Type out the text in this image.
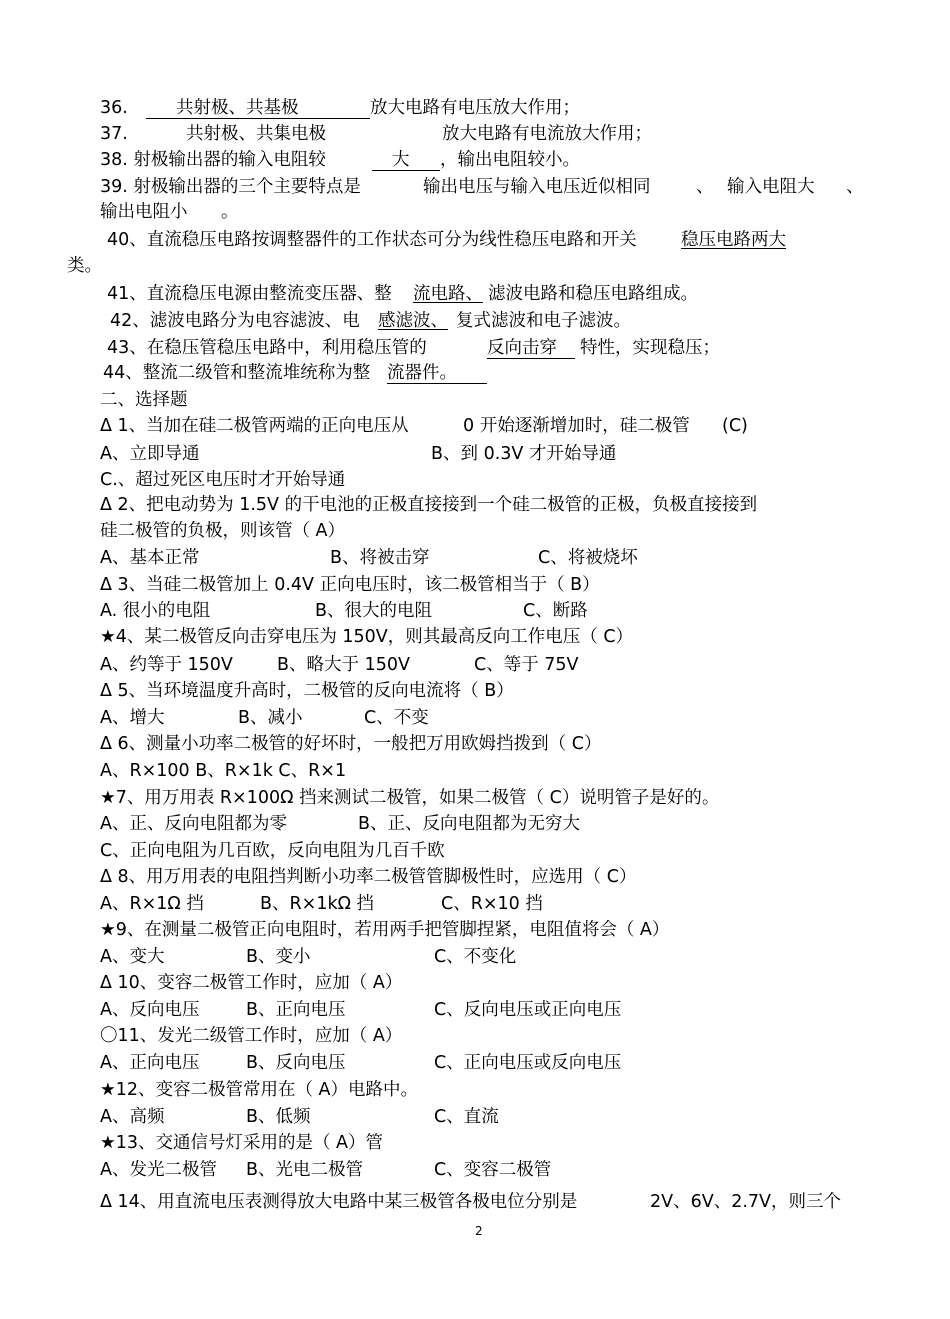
36.	共射极、共基极	放大电路有电压放大作用；
37.	共射极、共集电极	放大电路有电流放大作用；
38. 射极输出器的输入电阻较	大 ，输出电阻较小。
39. 射极输出器的三个主要特点是	输出电压与输入电压近似相同	、 输入电阻大 、
输出电阻小 。
40、直流稳压电路按调整器件的工作状态可分为线性稳压电路和开关	稳压电路两大
类。
41、直流稳压电源由整流变压器、整 流电路、 滤波电路和稳压电路组成。
42、滤波电路分为电容滤波、电 感滤波、 复式滤波和电子滤波。
43、在稳压管稳压电路中，利用稳压管的	反向击穿 特性，实现稳压；
44、整流二级管和整流堆统称为整 流器件。
二、选择题
Δ 1、当加在硅二极管两端的正向电压从	0 开始逐渐增加时，硅二极管 (C)
A、立即导通	B、到 0.3V 才开始导通
C.、超过死区电压时才开始导通
Δ 2、把电动势为 1.5V 的干电池的正极直接接到一个硅二极管的正极，负极直接接到
硅二极管的负极，则该管（ A）
A、基本正常	B、将被击穿	C、将被烧坏
Δ 3、当硅二极管加上 0.4V 正向电压时，该二极管相当于（ B）
A. 很小的电阻	B、很大的电阻	C、断路
★4、某二极管反向击穿电压为 150V，则其最高反向工作电压（ C）
A、约等于 150V	B、略大于 150V	C、等于 75V
Δ 5、当环境温度升高时，二极管的反向电流将（ B）
A、增大	B、减小	C、不变
Δ 6、测量小功率二极管的好坏时，一般把万用欧姆挡拨到（ C）
A、R×100 B、R×1k C、R×1
★7、用万用表 R×100Ω 挡来测试二极管，如果二极管（ C）说明管子是好的。
A、正、反向电阻都为零	B、正、反向电阻都为无穷大
C、正向电阻为几百欧，反向电阻为几百千欧
Δ 8、用万用表的电阻挡判断小功率二极管管脚极性时，应选用（ C）
A、R×1Ω 挡	B、R×1kΩ 挡	C、R×10 挡
★9、在测量二极管正向电阻时，若用两手把管脚捏紧，电阻值将会（ A）
A、变大	B、变小	C、不变化
Δ 10、变容二极管工作时，应加（ A）
A、反向电压	B、正向电压	C、反向电压或正向电压
〇11、发光二级管工作时，应加（ A）
A、正向电压	B、反向电压	C、正向电压或反向电压
★12、变容二极管常用在（ A）电路中。
A、高频	B、低频	C、直流
★13、交通信号灯采用的是（ A）管
A、发光二极管 B、光电二极管	C、变容二极管
Δ 14、用直流电压表测得放大电路中某三极管各极电位分别是	2V、6V、2.7V，则三个
2
